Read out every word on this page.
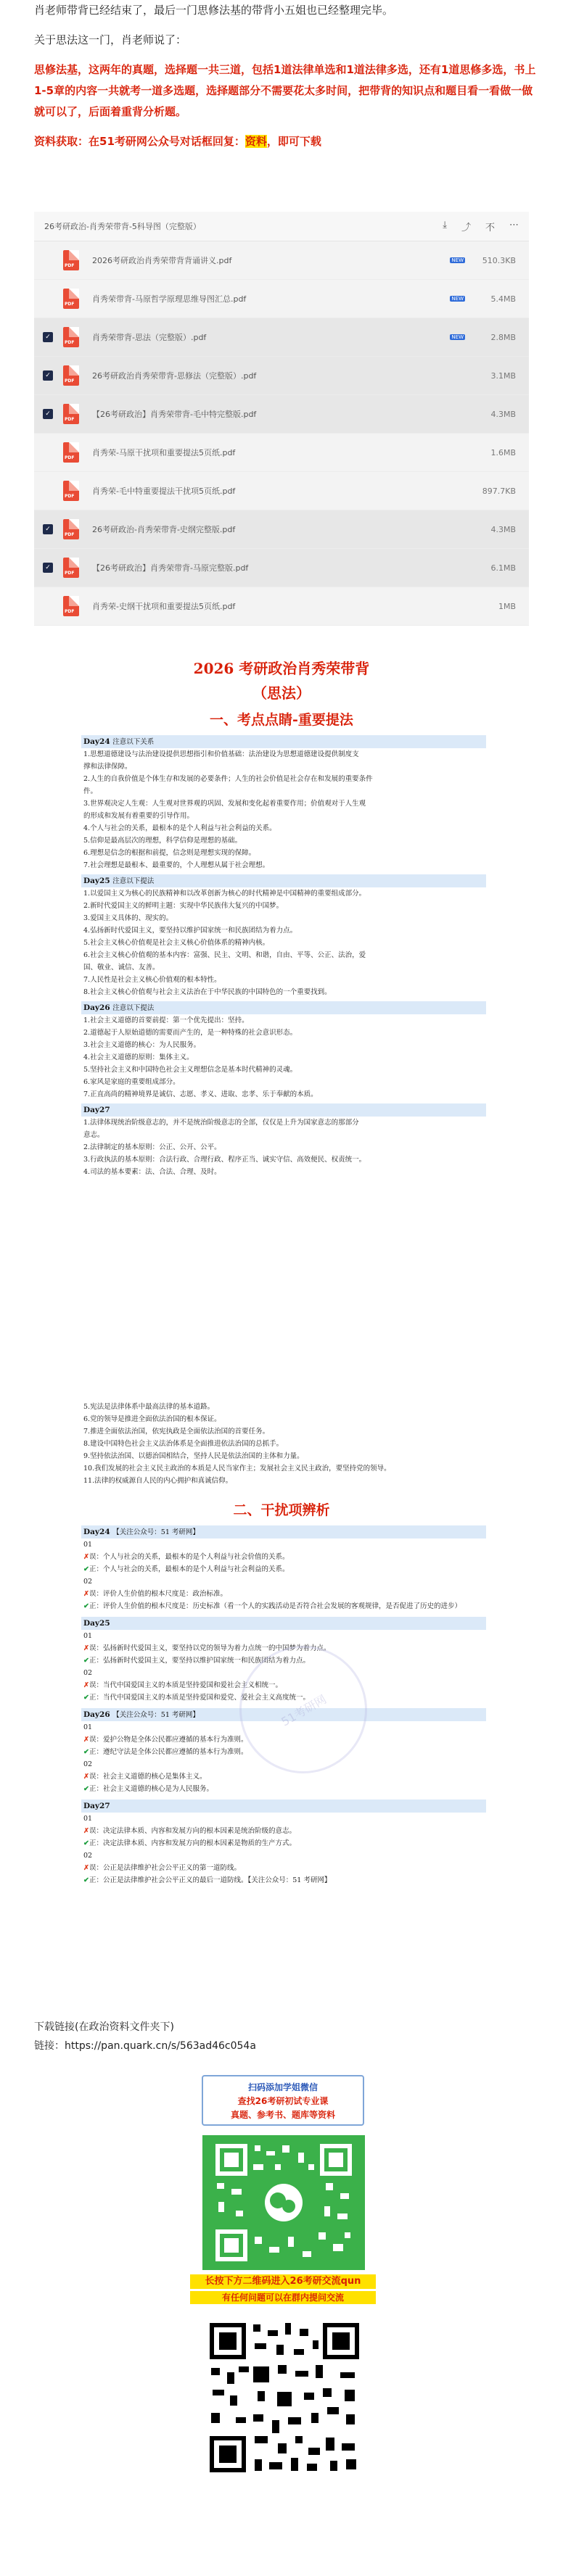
肖老师带背已经结束了，最后一门思修法基的带背小五姐也已经整理完毕。

关于思法这一门，肖老师说了：

思修法基，这两年的真题，选择题一共三道，包括1道法律单选和1道法律多选，还有1道思修多选，书上1-5章的内容一共就考一道多选题，选择题部分不需要花太多时间，把带背的知识点和题目看一看做一做就可以了，后面着重背分析题。

资料获取：在51考研网公众号对话框回复：资料，即可下载

26考研政治-肖秀荣带背-5科导图（完整版）	⤓ ⤴ 不 ⋯
PDF
2026考研政治肖秀荣带背背诵讲义.pdf	NEW	510.3KB
PDF
肖秀荣带背-马原哲学原理思维导图汇总.pdf	NEW	5.4MB
✓ PDF	肖秀荣带背-思法（完整版）.pdf	NEW	2.8MB
✓ PDF	26考研政治肖秀荣带背-思修法（完整版）.pdf	3.1MB
✓ PDF	【26考研政治】肖秀荣带背-毛中特完整版.pdf	4.3MB
PDF
肖秀荣-马原干扰项和重要提法5页纸.pdf	1.6MB
PDF
肖秀荣-毛中特重要提法干扰项5页纸.pdf	897.7KB
✓ PDF	26考研政治-肖秀荣带背-史纲完整版.pdf	4.3MB
✓ PDF	【26考研政治】肖秀荣带背-马原完整版.pdf	6.1MB
PDF
肖秀荣-史纲干扰项和重要提法5页纸.pdf	1MB
2026 考研政治肖秀荣带背
（思法）
一、考点点睛-重要提法
Day24 注意以下关系
1.思想道德建设与法治建设提供思想指引和价值基础：法治建设为思想道德建设提供制度支
撑和法律保障。
2.人生的自我价值是个体生存和发展的必要条件；人生的社会价值是社会存在和发展的重要条件
件。
3.世界观决定人生观：人生观对世界观的巩固、发展和变化起着重要作用；价值观对于人生观
的形成和发展有着重要的引导作用。
4.个人与社会的关系，最根本的是个人利益与社会利益的关系。
5.信仰是最高层次的理想，科学信仰是理想的基础。
6.理想是信念的根据和前提，信念则是理想实现的保障。
7.社会理想是最根本、最重要的，个人理想从属于社会理想。
Day25 注意以下提法
1.以爱国主义为核心的民族精神和以改革创新为核心的时代精神是中国精神的重要组成部分。
2.新时代爱国主义的鲜明主题：实现中华民族伟大复兴的中国梦。
3.爱国主义具体的、现实的。
4.弘扬新时代爱国主义，要坚持以维护国家统一和民族团结为着力点。
5.社会主义核心价值观是社会主义核心价值体系的精神内核。
6.社会主义核心价值观的基本内容：富强、民主、文明、和谐，自由、平等、公正、法治，爱
国、敬业、诚信、友善。
7.人民性是社会主义核心价值观的根本特性。
8.社会主义核心价值观与社会主义法治在于中华民族的中国特色的一个重要找到。
Day26 注意以下提法
1.社会主义道德的首要前提：第一个优先提出：坚持。
2.道德起于人原始道德的需要而产生的，是一种特殊的社会意识形态。
3.社会主义道德的核心：为人民服务。
4.社会主义道德的原则：集体主义。
5.坚持社会主义和中国特色社会主义理想信念是基本时代精神的灵魂。
6.家风是家庭的重要组成部分。
7.正直高尚的精神境界是诚信、志愿、孝义、进取、忠孝、乐于奉献的本质。
Day27
1.法律体现统治阶级意志的，并不是统治阶级意志的全部，仅仅是上升为国家意志的那部分
意志。
2.法律制定的基本原则：公正、公开、公平。
3.行政执法的基本原则：合法行政、合理行政、程序正当、诚实守信、高效便民、权责统一。
4.司法的基本要素：法、合法、合理、及时。
5.宪法是法律体系中最高法律的基本道路。
6.党的领导是推进全面依法治国的根本保证。
7.推进全面依法治国，依宪执政是全面依法治国的首要任务。
8.建设中国特色社会主义法治体系是全面推进依法治国的总抓手。
9.坚持依法治国、以德治国相结合，坚持人民是依法治国的主体和力量。
10.我们发展的社会主义民主政治的本质是人民当家作主；发展社会主义民主政治，要坚持党的领导。
11.法律的权威源自人民的内心拥护和真诚信仰。
二、干扰项辨析
Day24 【关注公众号：51 考研网】
01
✗误：个人与社会的关系，最根本的是个人利益与社会价值的关系。
✔正：个人与社会的关系，最根本的是个人利益与社会利益的关系。
02
✗误：评价人生价值的根本尺度是：政治标准。
✔正：评价人生价值的根本尺度是：历史标准（看一个人的实践活动是否符合社会发展的客观规律，是否促进了历史的进步）
Day25
01
✗误：弘扬新时代爱国主义，要坚持以党的领导为着力点统一的中国梦为着力点。
✔正：弘扬新时代爱国主义，要坚持以维护国家统一和民族团结为着力点。
02
✗误：当代中国爱国主义的本质是坚持爱国和爱社会主义相统一。
✔正：当代中国爱国主义的本质是坚持爱国和爱党、爱社会主义高度统一。
Day26 【关注公众号：51 考研网】
01
✗误：爱护公物是全体公民都应遵循的基本行为准则。
✔正：遵纪守法是全体公民都应遵循的基本行为准则。
02
✗误：社会主义道德的核心是集体主义。
✔正：社会主义道德的核心是为人民服务。
Day27
01
✗误：决定法律本质、内容和发展方向的根本因素是统治阶级的意志。
✔正：决定法律本质、内容和发展方向的根本因素是物质的生产方式。
02
✗误：公正是法律维护社会公平正义的第一道防线。
✔正：公正是法律维护社会公平正义的最后一道防线。【关注公众号：51 考研网】
51考研网
下载链接(在政治资料文件夹下)
链接：https://pan.quark.cn/s/563ad46c054a
扫码添加学姐微信
查找26考研初试专业课
真题、参考书、题库等资料
长按下方二维码进入26考研交流qun
有任何问题可以在群内提问交流
